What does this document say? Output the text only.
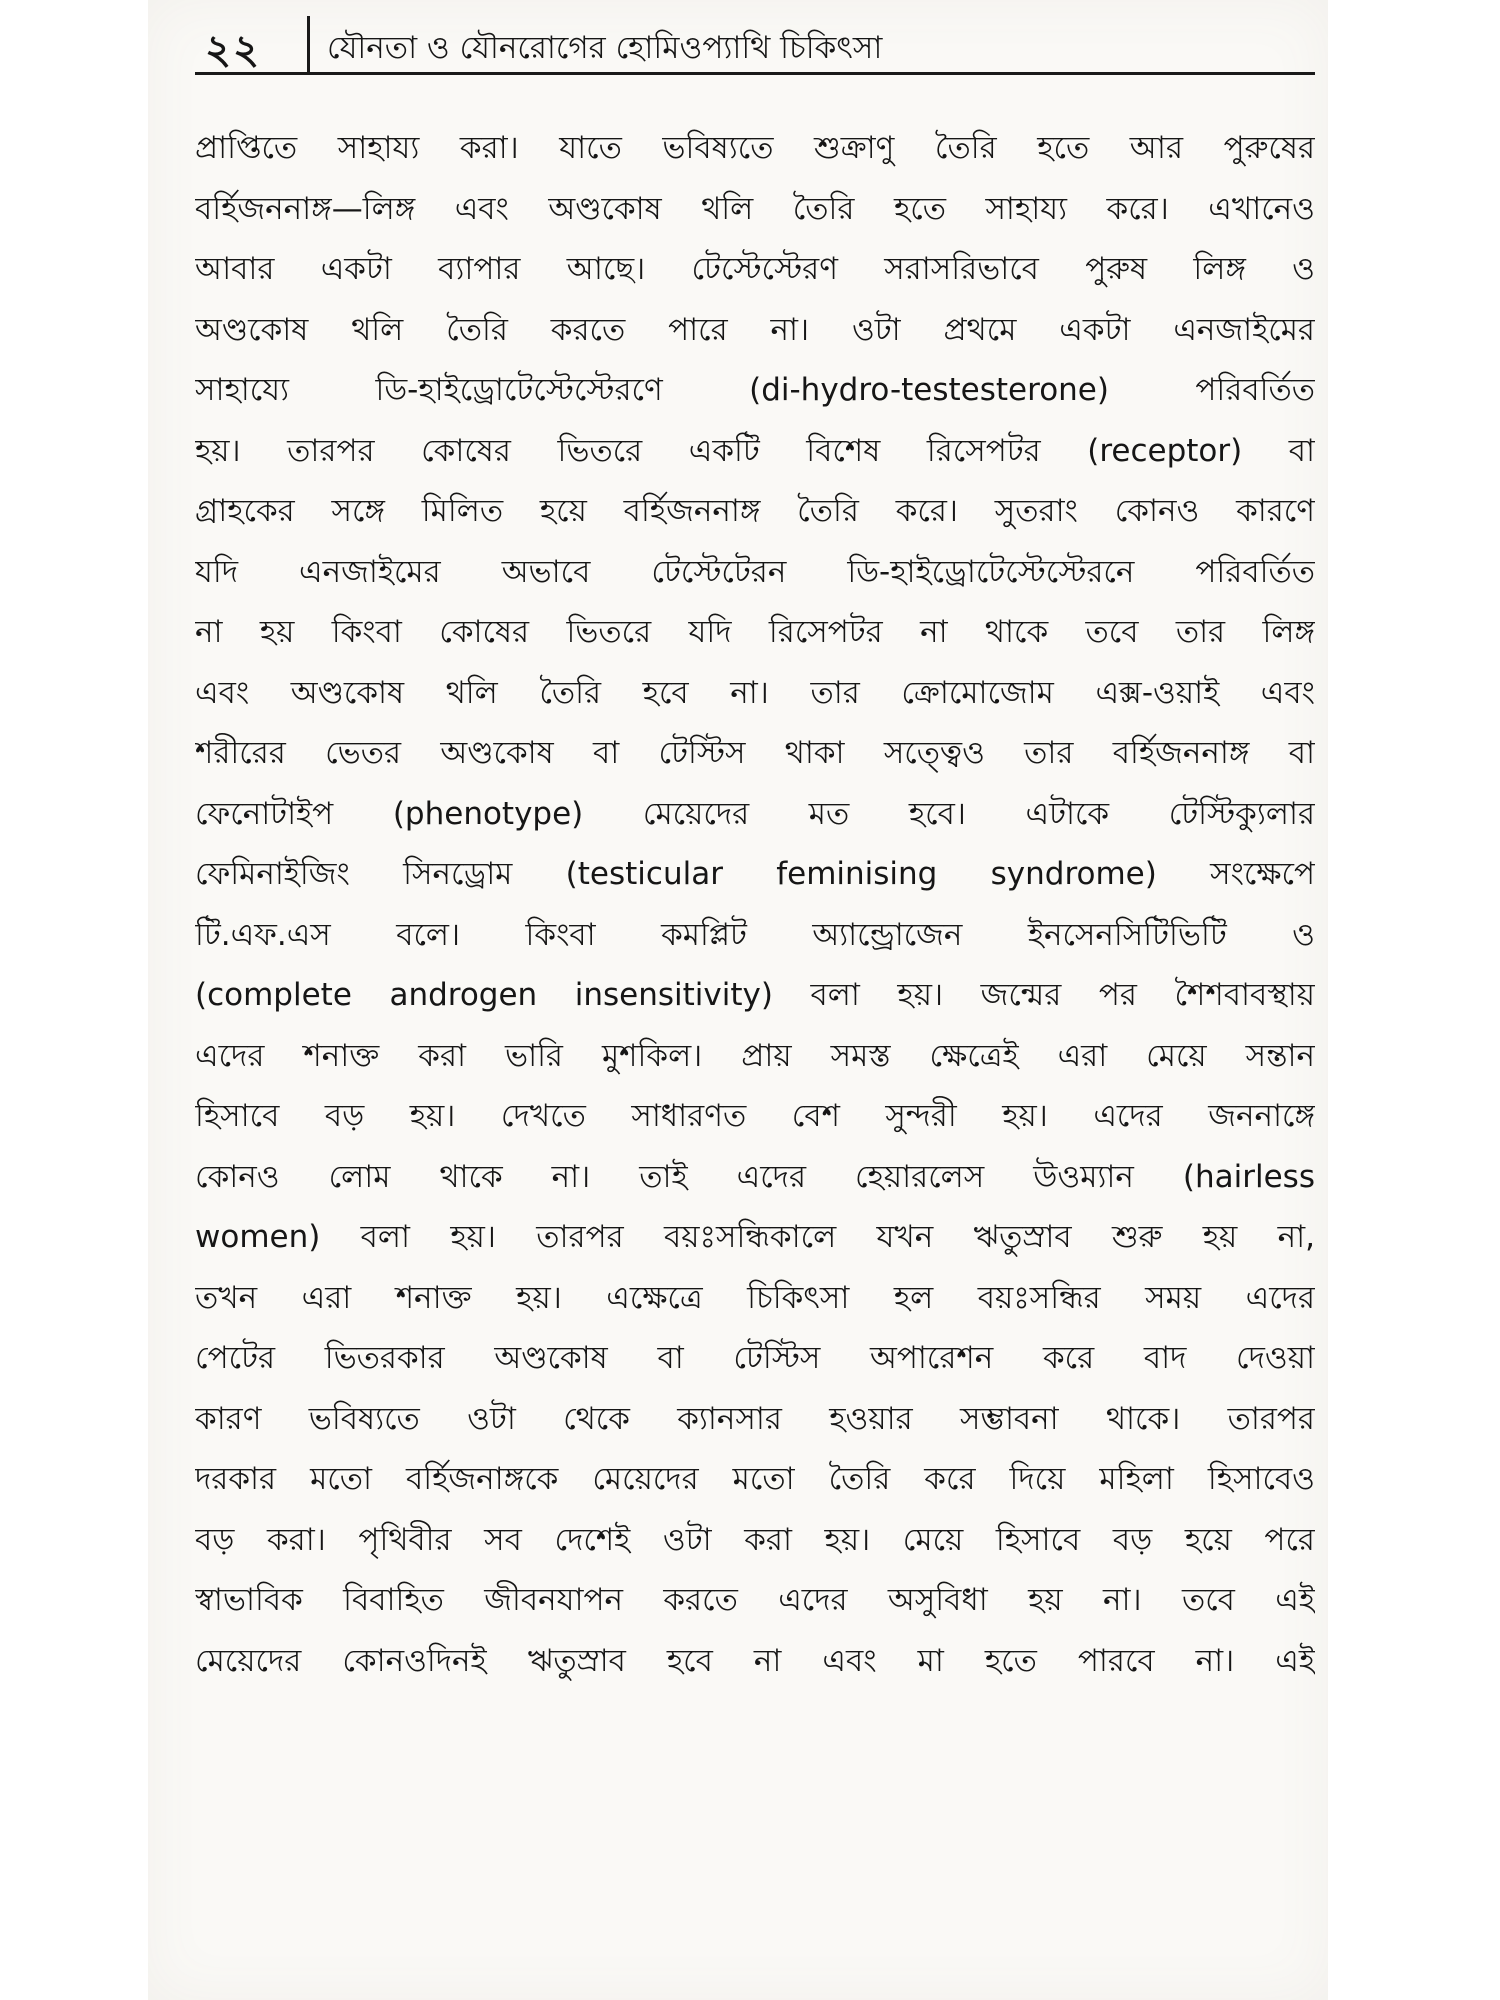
২২ যৌনতা ও যৌনরোগের হোমিওপ্যাথি চিকিৎসা
প্রাপ্তিতে সাহায্য করা। যাতে ভবিষ্যতে শুক্রাণু তৈরি হতে আর পুরুষের
বর্হিজননাঙ্গ—লিঙ্গ এবং অণ্ডকোষ থলি তৈরি হতে সাহায্য করে। এখানেও
আবার একটা ব্যাপার আছে। টেস্টেস্টেরণ সরাসরিভাবে পুরুষ লিঙ্গ ও
অণ্ডকোষ থলি তৈরি করতে পারে না। ওটা প্রথমে একটা এনজাইমের
সাহায্যে ডি-হাইড্রোটেস্টেস্টেরণে (di-hydro-testesterone) পরিবর্তিত
হয়। তারপর কোষের ভিতরে একটি বিশেষ রিসেপটর (receptor) বা
গ্রাহকের সঙ্গে মিলিত হয়ে বর্হিজননাঙ্গ তৈরি করে। সুতরাং কোনও কারণে
যদি এনজাইমের অভাবে টেস্টেটেরন ডি-হাইড্রোটেস্টেস্টেরনে পরিবর্তিত
না হয় কিংবা কোষের ভিতরে যদি রিসেপটর না থাকে তবে তার লিঙ্গ
এবং অণ্ডকোষ থলি তৈরি হবে না। তার ক্রোমোজোম এক্স-ওয়াই এবং
শরীরের ভেতর অণ্ডকোষ বা টেস্টিস থাকা সত্ত্বেও তার বর্হিজননাঙ্গ বা
ফেনোটাইপ (phenotype) মেয়েদের মত হবে। এটাকে টেস্টিক্যুলার
ফেমিনাইজিং সিনড্রোম (testicular feminising syndrome) সংক্ষেপে
টি.এফ.এস বলে। কিংবা কমপ্লিট অ্যান্ড্রোজেন ইনসেনসিটিভিটি ও
(complete androgen insensitivity) বলা হয়। জন্মের পর শৈশবাবস্থায়
এদের শনাক্ত করা ভারি মুশকিল। প্রায় সমস্ত ক্ষেত্রেই এরা মেয়ে সন্তান
হিসাবে বড় হয়। দেখতে সাধারণত বেশ সুন্দরী হয়। এদের জননাঙ্গে
কোনও লোম থাকে না। তাই এদের হেয়ারলেস উওম্যান (hairless
women) বলা হয়। তারপর বয়ঃসন্ধিকালে যখন ঋতুস্রাব শুরু হয় না,
তখন এরা শনাক্ত হয়। এক্ষেত্রে চিকিৎসা হল বয়ঃসন্ধির সময় এদের
পেটের ভিতরকার অণ্ডকোষ বা টেস্টিস অপারেশন করে বাদ দেওয়া
কারণ ভবিষ্যতে ওটা থেকে ক্যানসার হওয়ার সম্ভাবনা থাকে। তারপর
দরকার মতো বর্হিজনাঙ্গকে মেয়েদের মতো তৈরি করে দিয়ে মহিলা হিসাবেও
বড় করা। পৃথিবীর সব দেশেই ওটা করা হয়। মেয়ে হিসাবে বড় হয়ে পরে
স্বাভাবিক বিবাহিত জীবনযাপন করতে এদের অসুবিধা হয় না। তবে এই
মেয়েদের কোনওদিনই ঋতুস্রাব হবে না এবং মা হতে পারবে না। এই
